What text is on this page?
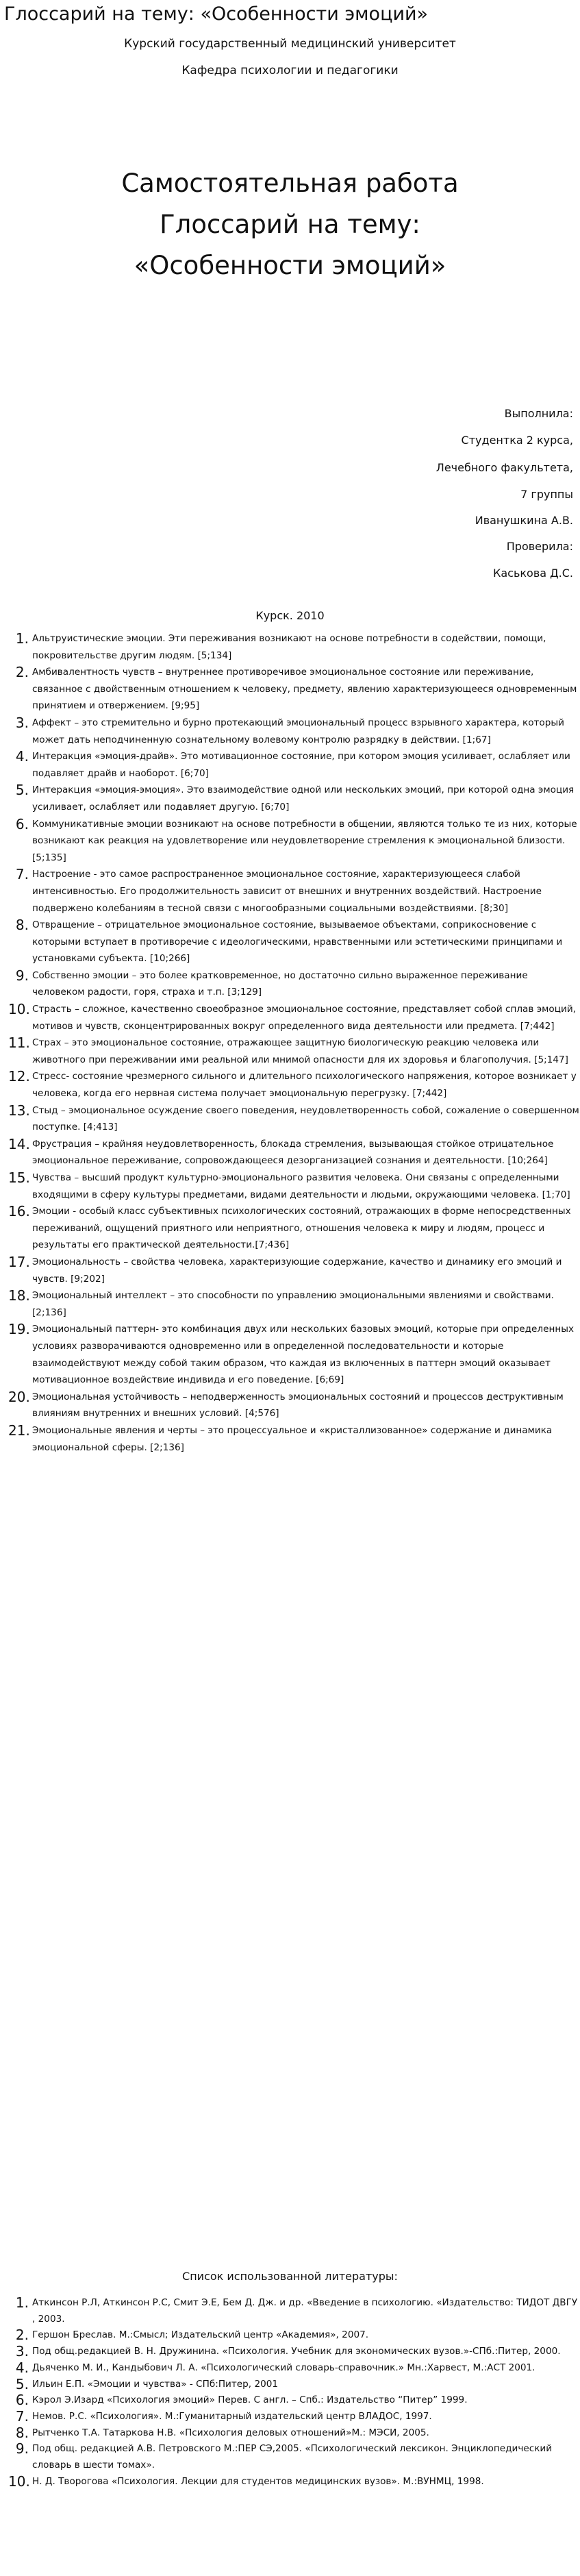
Глоссарий на тему: «Особенности эмоций»
Курский государственный медицинский университет
Кафедра психологии и педагогики
Самостоятельная работа
Глоссарий на тему:
«Особенности эмоций»
Выполнила:
Студентка 2 курса,
Лечебного факультета,
7 группы
Иванушкина А.В.
Проверила:
Каськова Д.С.
Курск. 2010
Альтруистические эмоции. Эти переживания возникают на основе потребности в содействии, помощи, покровительстве другим людям. [5;134]
Амбивалентность чувств – внутреннее противоречивое эмоциональное состояние или переживание, связанное с двойственным отношением к человеку, предмету, явлению характеризующееся одновременным принятием и отвержением. [9;95]
Аффект – это стремительно и бурно протекающий эмоциональный процесс взрывного характера, который может дать неподчиненную сознательному волевому контролю разрядку в действии. [1;67]
Интеракция «эмоция-драйв». Это мотивационное состояние, при котором эмоция усиливает, ослабляет или подавляет драйв и наоборот. [6;70]
Интеракция «эмоция-эмоция». Это взаимодействие одной или нескольких эмоций, при которой одна эмоция усиливает, ослабляет или подавляет другую. [6;70]
Коммуникативные эмоции возникают на основе потребности в общении, являются только те из них, которые возникают как реакция на удовлетворение или неудовлетворение стремления к эмоциональной близости. [5;135]
Настроение - это самое распространенное эмоциональное состояние, характеризующееся слабой интенсивностью. Его продолжительность зависит от внешних и внутренних воздействий. Настроение подвержено колебаниям в тесной связи с многообразными социальными воздействиями. [8;30]
Отвращение – отрицательное эмоциональное состояние, вызываемое объектами, соприкосновение с которыми вступает в противоречие с идеологическими, нравственными или эстетическими принципами и установками субъекта. [10;266]
Собственно эмоции – это более кратковременное, но достаточно сильно выраженное переживание человеком радости, горя, страха и т.п. [3;129]
Страсть – сложное, качественно своеобразное эмоциональное состояние, представляет собой сплав эмоций, мотивов и чувств, сконцентрированных вокруг определенного вида деятельности или предмета. [7;442]
Страх – это эмоциональное состояние, отражающее защитную биологическую реакцию человека или животного при переживании ими реальной или мнимой опасности для их здоровья и благополучия. [5;147]
Стресс- состояние чрезмерного сильного и длительного психологического напряжения, которое возникает у человека, когда его нервная система получает эмоциональную перегрузку. [7;442]
Стыд – эмоциональное осуждение своего поведения, неудовлетворенность собой, сожаление о совершенном поступке. [4;413]
Фрустрация – крайняя неудовлетворенность, блокада стремления, вызывающая стойкое отрицательное эмоциональное переживание, сопровождающееся дезорганизацией сознания и деятельности. [10;264]
Чувства – высший продукт культурно-эмоционального развития человека. Они связаны с определенными входящими в сферу культуры предметами, видами деятельности и людьми, окружающими человека. [1;70]
Эмоции - особый класс субъективных психологических состояний, отражающих в форме непосредственных переживаний, ощущений приятного или неприятного, отношения человека к миру и людям, процесс и результаты его практической деятельности.[7;436]
Эмоциональность – свойства человека, характеризующие содержание, качество и динамику его эмоций и чувств. [9;202]
Эмоциональный интеллект – это способности по управлению эмоциональными явлениями и свойствами. [2;136]
Эмоциональный паттерн- это комбинация двух или нескольких базовых эмоций, которые при определенных условиях разворачиваются одновременно или в определенной последовательности и которые взаимодействуют между собой таким образом, что каждая из включенных в паттерн эмоций оказывает мотивационное воздействие индивида и его поведение. [6;69]
Эмоциональная устойчивость – неподверженность эмоциональных состояний и процессов деструктивным влияниям внутренних и внешних условий. [4;576]
Эмоциональные явления и черты – это процессуальное и «кристаллизованное» содержание и динамика эмоциональной сферы. [2;136]
Список использованной литературы:
Аткинсон Р.Л, Аткинсон Р.С, Смит Э.Е, Бем Д. Дж. и др. «Введение в психологию. «Издательство: ТИДОТ ДВГУ , 2003.
Гершон Бреслав. М.:Смысл; Издательский центр «Академия», 2007.
Под общ.редакцией В. Н. Дружинина. «Психология. Учебник для экономических вузов.»-СПб.:Питер, 2000.
Дьяченко М. И., Кандыбович Л. А. «Психологический словарь-справочник.» Мн.:Харвест, М.:АСТ 2001.
Ильин Е.П. «Эмоции и чувства» - СПб:Питер, 2001
Кэрол Э.Изард «Психология эмоций» Перев. С англ. – Спб.: Издательство “Питер” 1999.
Немов. Р.С. «Психология». М.:Гуманитарный издательский центр ВЛАДОС, 1997.
Рытченко Т.А. Татаркова Н.В. «Психология деловых отношений»М.: МЭСИ, 2005.
Под общ. редакцией А.В. Петровского М.:ПЕР СЭ,2005. «Психологический лексикон. Энциклопедический словарь в шести томах».
Н. Д. Творогова «Психология. Лекции для студентов медицинских вузов». М.:ВУНМЦ, 1998.
